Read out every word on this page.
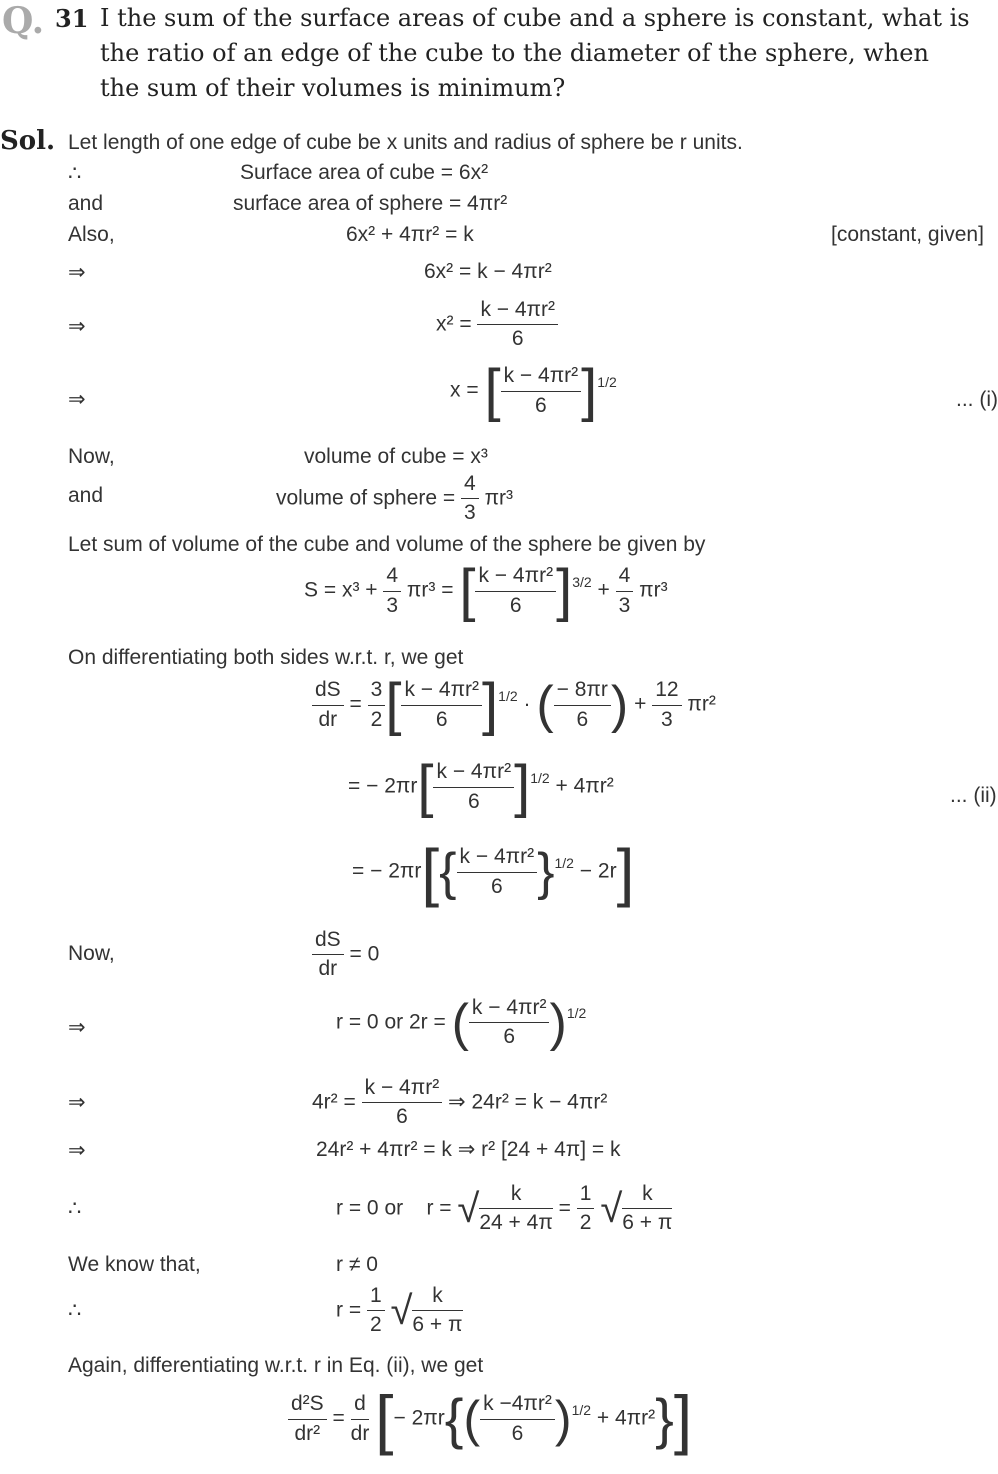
Q. 31 I the sum of the surface areas of cube and a sphere is constant, what is
the ratio of an edge of the cube to the diameter of the sphere, when
the sum of their volumes is minimum?
Sol. Let length of one edge of cube be x units and radius of sphere be r units.
∴	Surface area of cube = 6x²
and	surface area of sphere = 4πr²
Also,	6x² + 4πr² = k	[constant, given]
⇒	6x² = k − 4πr²
⇒	$x^2 = \frac{\text{k − 4πr²}}{6}$
⇒	x = [ $\frac{\text{k − 4πr²}}{6} ]^{1/2}$
... (i)
Now,	volume of cube = x³
and	volume of sphere = $\frac{4}{3} \pi r^3$
Let sum of volume of the cube and volume of the sphere be given by
$S = x^3 + \frac{4}{3} \pi r^3$ = [ $\frac{\text{k − 4πr²}}{6} ]^{3/2} + \frac{4}{3} \pi r^3$
On differentiating both sides w.r.t. r, we get
$\frac{dS}{dr} = \frac{3}{2}$ [ $\frac{\text{k − 4πr²}}{6} ]^{1/2}$ · ( $\frac{- 8\pi r}{6}$ ) + $\frac{12}{3} \pi r^2$
= − $2\pi r[ \frac{\text{k − 4πr²}}{6} ]^{1/2} + 4\pi r^2$	... (ii)
= − $2\pi r[\{ \frac{\text{k − 4πr²}}{6} \}^{1/2} - 2r]$
Now,	$\frac{dS}{dr} = 0$
⇒	r = 0 or 2r = ( $\frac{\text{k − 4πr²}}{6} )^{1/2}$
⇒	$4r^2 = \frac{\text{k − 4πr²}}{6}$ ⇒ 24r² = k − 4πr²
⇒	24r² + 4πr² = k ⇒ r² [24 + 4π] = k
∴	r = 0 or r = √ $\frac{k}{24 + 4\pi} = \frac{1}{2}$ √ $\frac{k}{6 + \pi}$
We know that,	r ≠ 0
∴	$r = \frac{1}{2}$ √ $\frac{k}{6 + \pi}$
Again, differentiating w.r.t. r in Eq. (ii), we get
$\frac{\text{d²S}}{\text{dr²}} = \frac{d}{dr}$ [− $2\pi r\{( \frac{\text{k −4πr²}}{6} )^{1/2} + 4\pi r^2\}$]
